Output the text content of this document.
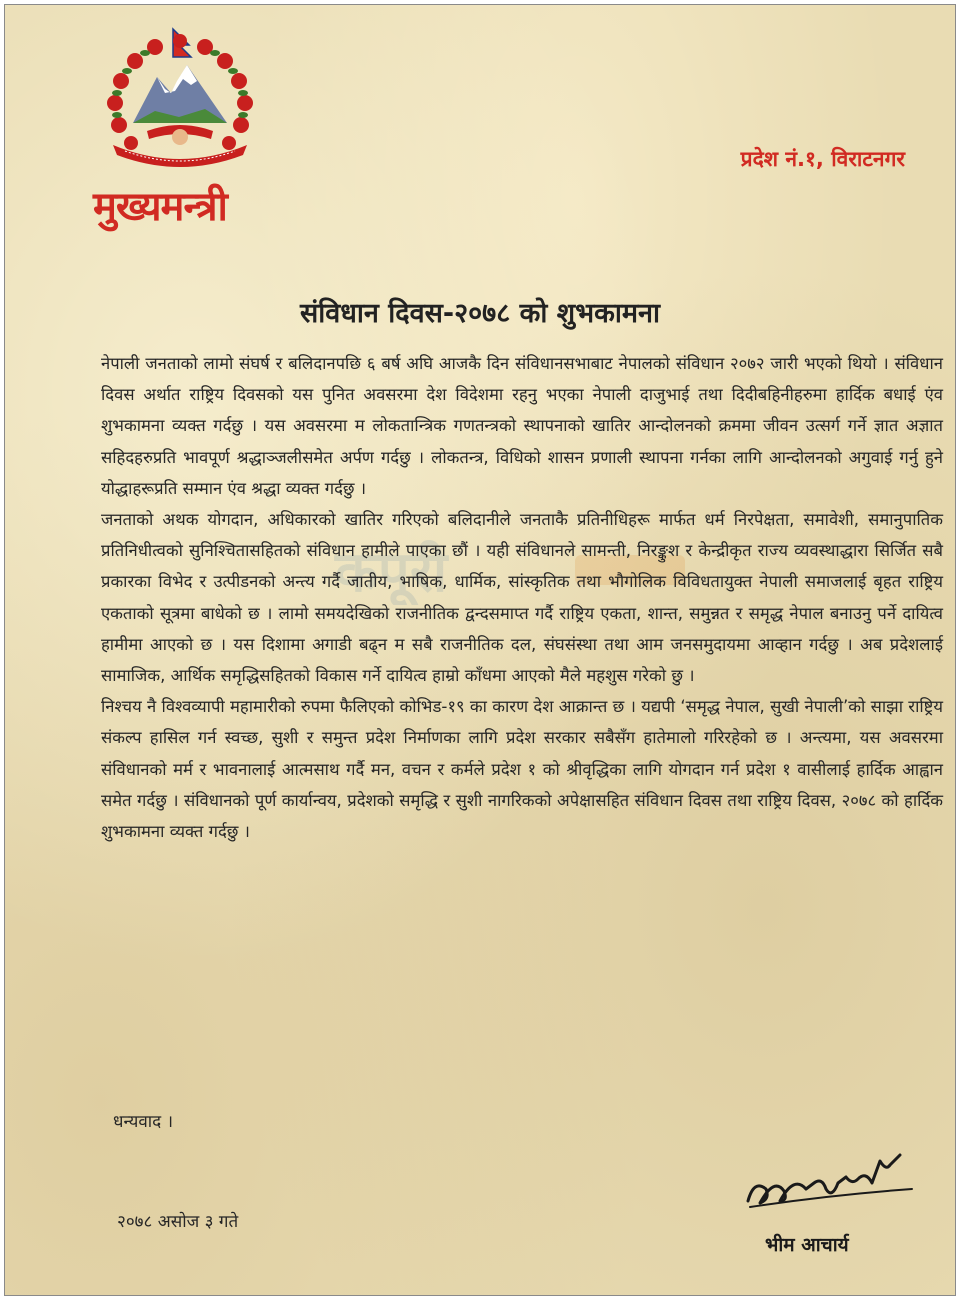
मुख्यमन्त्री

प्रदेश नं.१, विराटनगर

संविधान दिवस-२०७८ को शुभकामना
कपूरी

नेपाली जनताको लामो संघर्ष र बलिदानपछि ६ बर्ष अघि आजकै दिन संविधानसभाबाट नेपालको संविधान २०७२ जारी भएको थियो । संविधान दिवस अर्थात राष्ट्रिय दिवसको यस पुनित अवसरमा देश विदेशमा रहनु भएका नेपाली दाजुभाई तथा दिदीबहिनीहरुमा हार्दिक बधाई एंव शुभकामना व्यक्त गर्दछु । यस अवसरमा म लोकतान्त्रिक गणतन्त्रको स्थापनाको खातिर आन्दोलनको क्रममा जीवन उत्सर्ग गर्ने ज्ञात अज्ञात सहिदहरुप्रति भावपूर्ण श्रद्धाञ्जलीसमेत अर्पण गर्दछु । लोकतन्त्र, विधिको शासन प्रणाली स्थापना गर्नका लागि आन्दोलनको अगुवाई गर्नु हुने योद्धाहरूप्रति सम्मान एंव श्रद्धा व्यक्त गर्दछु ।

जनताको अथक योगदान, अधिकारको खातिर गरिएको बलिदानीले जनताकै प्रतिनीधिहरू मार्फत धर्म निरपेक्षता, समावेशी, समानुपातिक प्रतिनिधीत्वको सुनिश्चितासहितको संविधान हामीले पाएका छौं । यही संविधानले सामन्ती, निरङ्कुश र केन्द्रीकृत राज्य व्यवस्थाद्धारा सिर्जित सबै प्रकारका विभेद र उत्पीडनको अन्त्य गर्दै जातीय, भाषिक, धार्मिक, सांस्कृतिक तथा भौगोलिक विविधतायुक्त नेपाली समाजलाई बृहत राष्ट्रिय एकताको सूत्रमा बाधेको छ । लामो समयदेखिको राजनीतिक द्वन्दसमाप्त गर्दै राष्ट्रिय एकता, शान्त, समुन्नत र समृद्ध नेपाल बनाउनु पर्ने दायित्व हामीमा आएको छ । यस दिशामा अगाडी बढ्न म सबै राजनीतिक दल, संघसंस्था तथा आम जनसमुदायमा आव्हान गर्दछु । अब प्रदेशलाई सामाजिक, आर्थिक समृद्धिसहितको विकास गर्ने दायित्व हाम्रो काँधमा आएको मैले महशुस गरेको छु ।

निश्चय नै विश्वव्यापी महामारीको रुपमा फैलिएको कोभिड-१९ का कारण देश आक्रान्त छ । यद्यपी ‘समृद्ध नेपाल, सुखी नेपाली’को साझा राष्ट्रिय संकल्प हासिल गर्न स्वच्छ, सुशी र समुन्त प्रदेश निर्माणका लागि प्रदेश सरकार सबैसँग हातेमालो गरिरहेको छ । अन्त्यमा, यस अवसरमा संविधानको मर्म र भावनालाई आत्मसाथ गर्दै मन, वचन र कर्मले प्रदेश १ को श्रीवृद्धिका लागि योगदान गर्न प्रदेश १ वासीलाई हार्दिक आह्वान समेत गर्दछु । संविधानको पूर्ण कार्यान्वय, प्रदेशको समृद्धि र सुशी नागरिकको अपेक्षासहित संविधान दिवस तथा राष्ट्रिय दिवस, २०७८ को हार्दिक शुभकामना व्यक्त गर्दछु ।

धन्यवाद ।

२०७८ असोज ३ गते

भीम आचार्य
